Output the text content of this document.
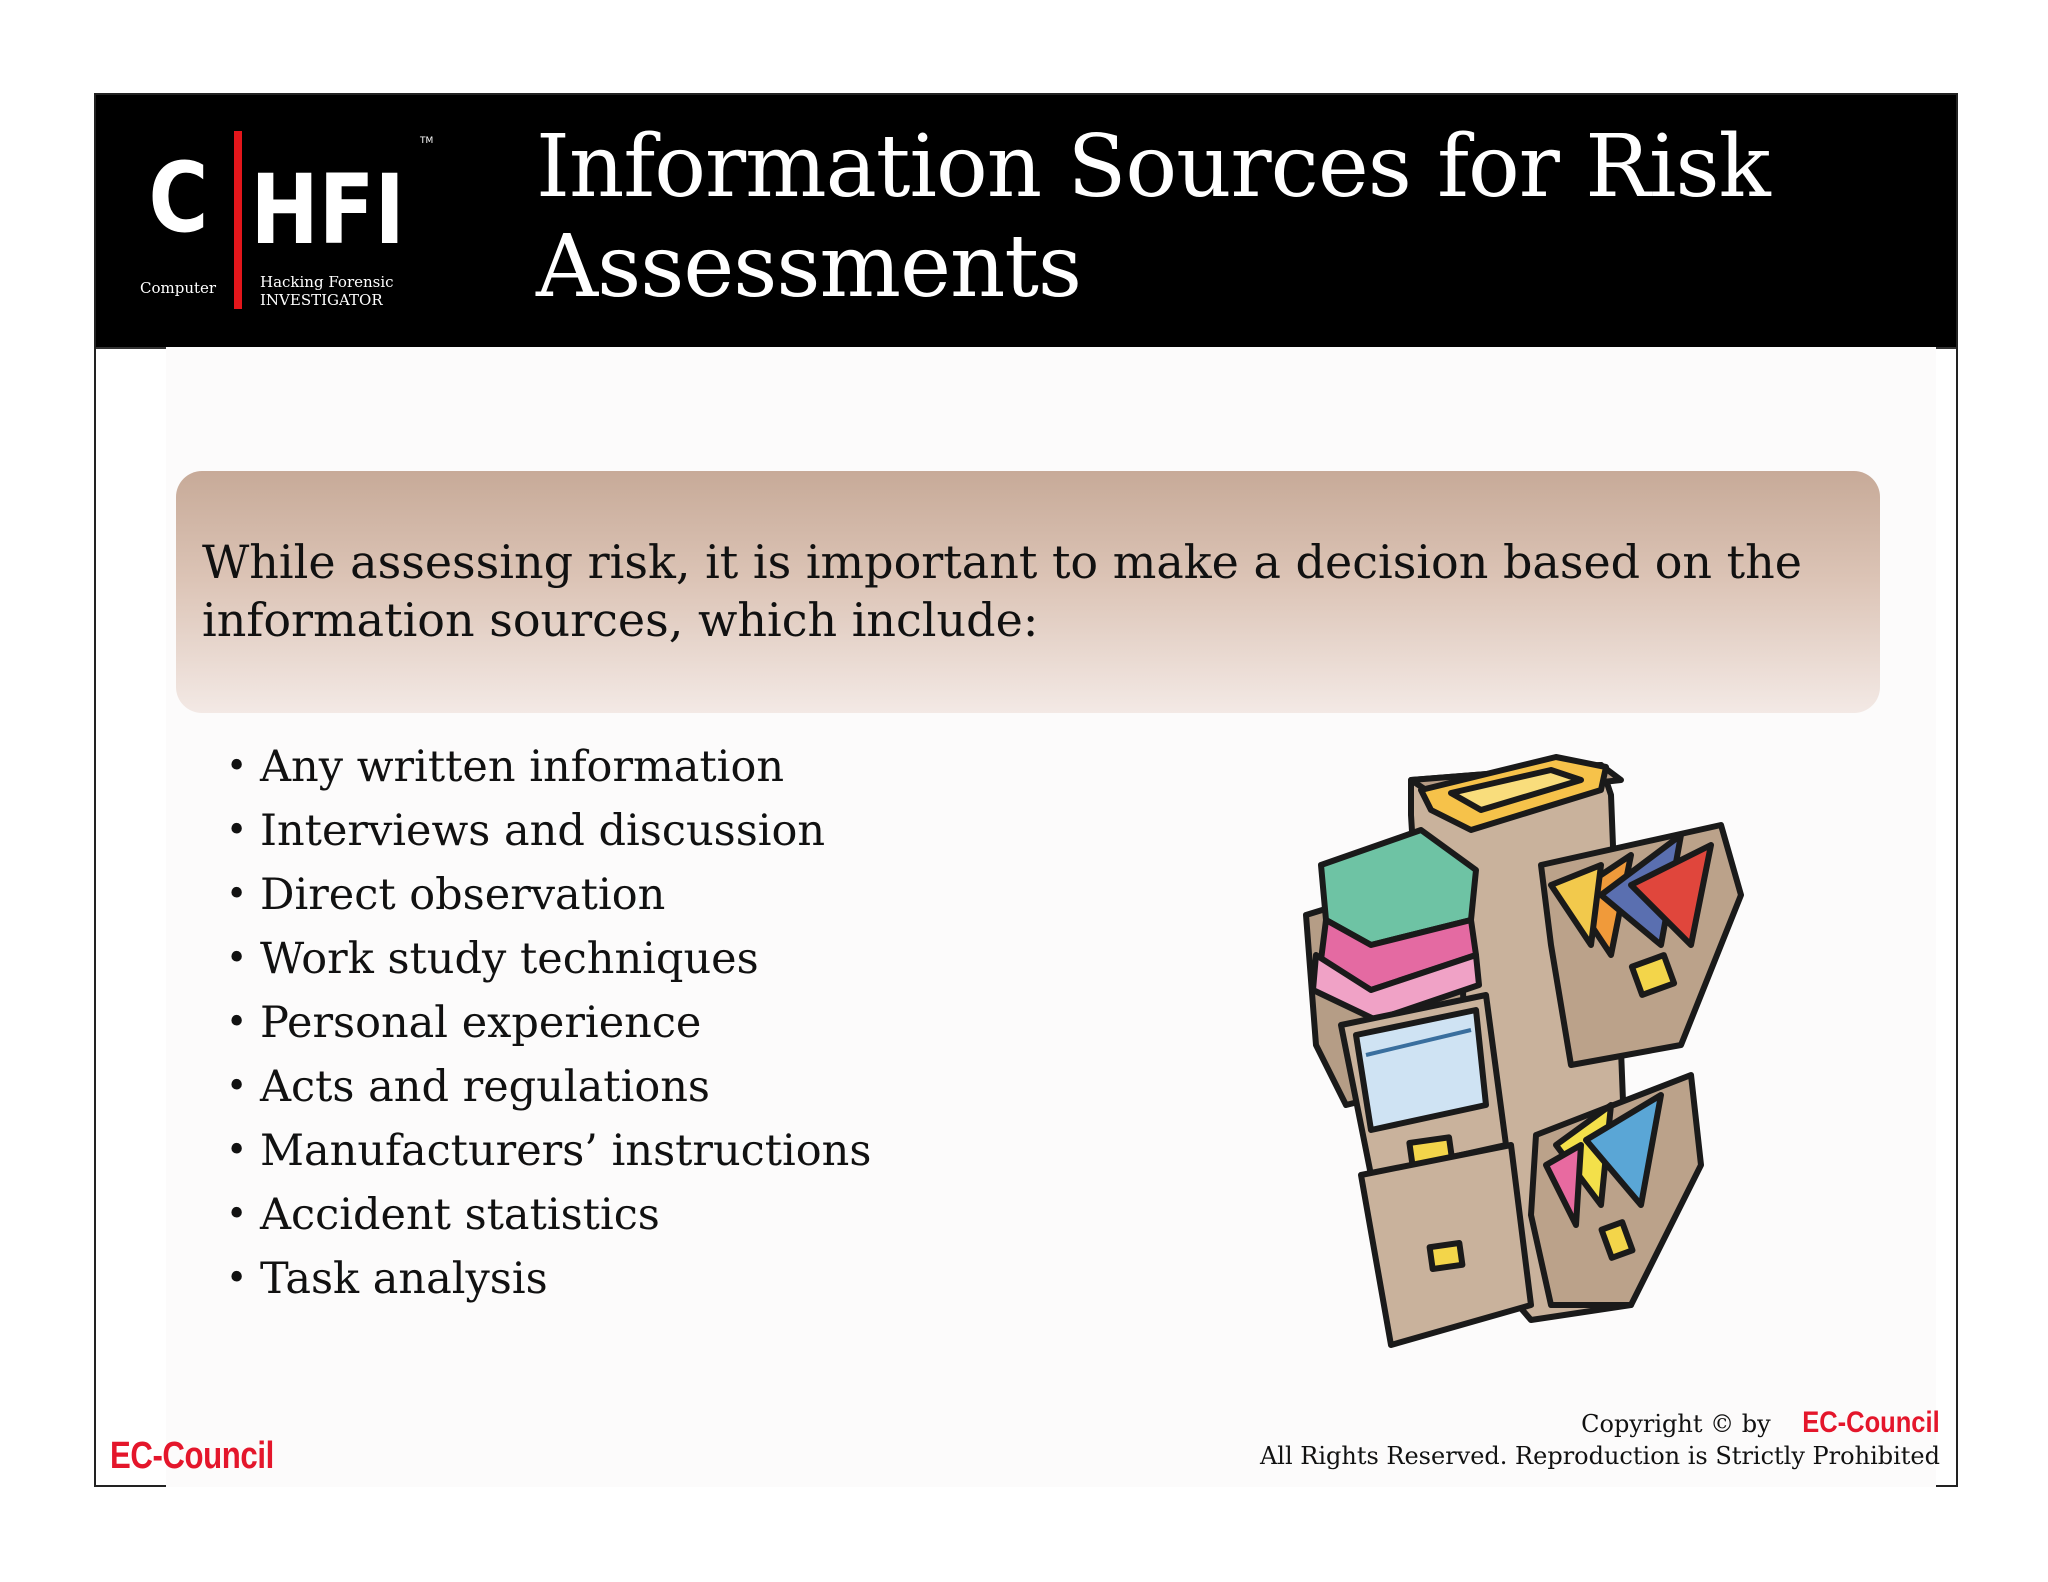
C HFI
TM
Computer	Hacking Forensic
INVESTIGATOR
Information Sources for Risk Assessments

While assessing risk, it is important to make a decision based on the information sources, which include:

• Any written information
• Interviews and discussion
• Direct observation
• Work study techniques
• Personal experience
• Acts and regulations
• Manufacturers’ instructions
• Accident statistics
• Task analysis
EC-Council
Copyright © by EC-Council
All Rights Reserved. Reproduction is Strictly Prohibited
